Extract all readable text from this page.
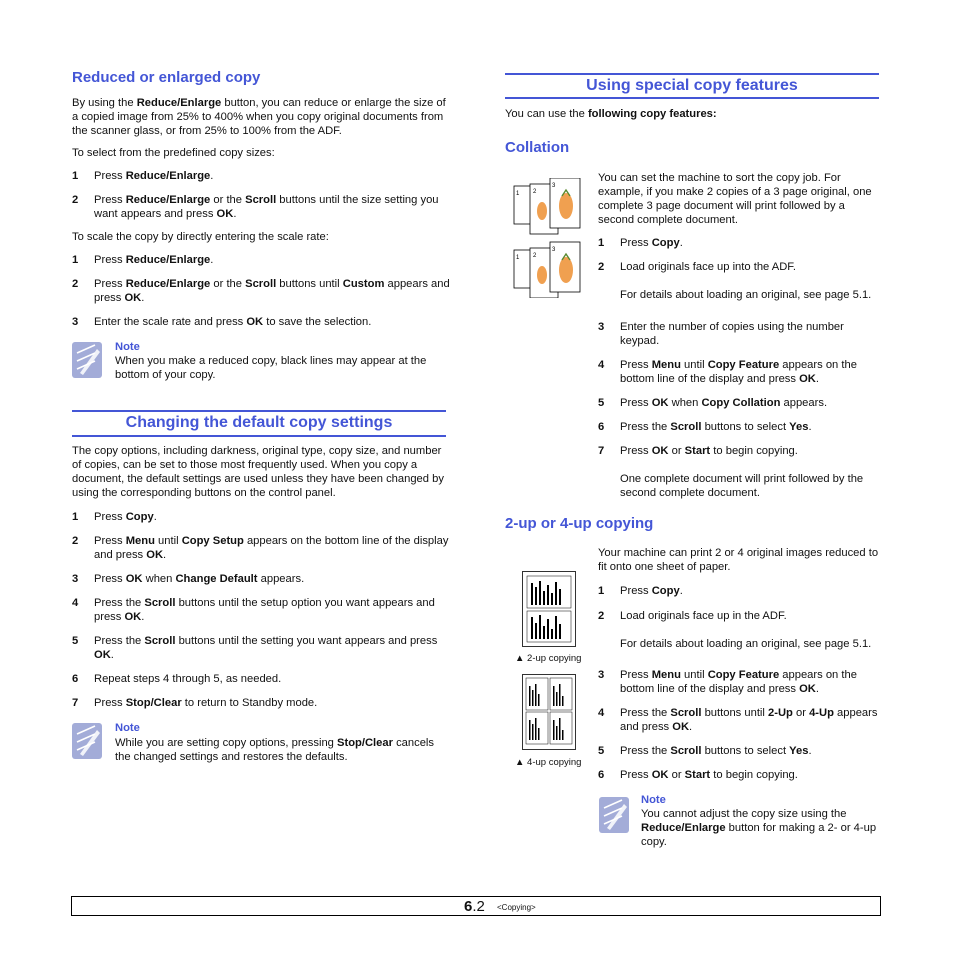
Reduced or enlarged copy
By using the Reduce/Enlarge button, you can reduce or enlarge the size of a copied image from 25% to 400% when you copy original documents from the scanner glass, or from 25% to 100% from the ADF.
To select from the predefined copy sizes:
To scale the copy by directly entering the scale rate:
Note
When you make a reduced copy, black lines may appear at the bottom of your copy.
Changing the default copy settings
The copy options, including darkness, original type, copy size, and number of copies, can be set to those most frequently used. When you copy a document, the default settings are used unless they have been changed by using the corresponding buttons on the control panel.
Note
While you are setting copy options, pressing Stop/Clear cancels the changed settings and restores the defaults.
Using special copy features
You can use the following copy features:
Collation
You can set the machine to sort the copy job. For example, if you make 2 copies of a 3 page original, one complete 3 page document will print followed by a second complete document.
1 2
3
1 2
3
2-up or 4-up copying
Your machine can print 2 or 4 original images reduced to fit onto one sheet of paper.
▲ 2-up copying
▲ 4-up copying
Note
You cannot adjust the copy size using the Reduce/Enlarge button for making a 2- or 4-up copy.
6.2 <Copying>
1 Press Reduce/Enlarge.
2 Press Reduce/Enlarge or the Scroll buttons until the size setting you want appears and press OK.
1 Press Reduce/Enlarge.
2 Press Reduce/Enlarge or the Scroll buttons until Custom appears and press OK.
3 Enter the scale rate and press OK to save the selection.
1 Press Copy.
2 Press Menu until Copy Setup appears on the bottom line of the display and press OK.
3 Press OK when Change Default appears.
4 Press the Scroll buttons until the setup option you want appears and press OK.
5 Press the Scroll buttons until the setting you want appears and press OK.
6 Repeat steps 4 through 5, as needed.
7 Press Stop/Clear to return to Standby mode.
1 Press Copy.
2 Load originals face up into the ADF.

For details about loading an original, see page 5.1.
3 Enter the number of copies using the number keypad.
4 Press Menu until Copy Feature appears on the bottom line of the display and press OK.
5 Press OK when Copy Collation appears.
6 Press the Scroll buttons to select Yes.
7 Press OK or Start to begin copying.

One complete document will print followed by the second complete document.
1 Press Copy.
2 Load originals face up in the ADF.

For details about loading an original, see page 5.1.
3 Press Menu until Copy Feature appears on the bottom line of the display and press OK.
4 Press the Scroll buttons until 2-Up or 4-Up appears and press OK.
5 Press the Scroll buttons to select Yes.
6 Press OK or Start to begin copying.
